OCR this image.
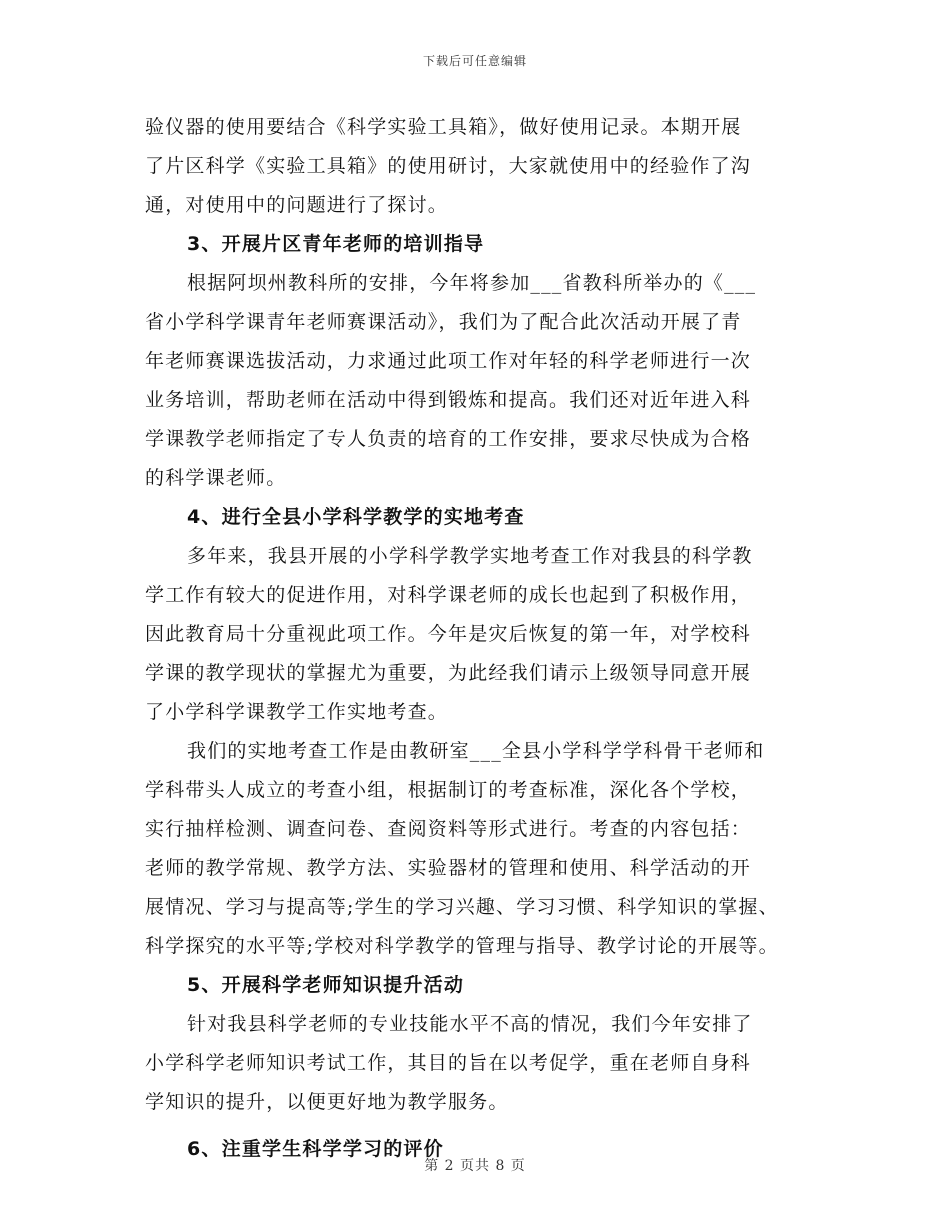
下载后可任意编辑
验仪器的使用要结合《科学实验工具箱》，做好使用记录。本期开展
了片区科学《实验工具箱》的使用研讨，大家就使用中的经验作了沟
通，对使用中的问题进行了探讨。
3、开展片区青年老师的培训指导
根据阿坝州教科所的安排，今年将参加___省教科所举办的《___
省小学科学课青年老师赛课活动》，我们为了配合此次活动开展了青
年老师赛课选拔活动，力求通过此项工作对年轻的科学老师进行一次
业务培训，帮助老师在活动中得到锻炼和提高。我们还对近年进入科
学课教学老师指定了专人负责的培育的工作安排，要求尽快成为合格
的科学课老师。
4、进行全县小学科学教学的实地考查
多年来，我县开展的小学科学教学实地考查工作对我县的科学教
学工作有较大的促进作用，对科学课老师的成长也起到了积极作用，
因此教育局十分重视此项工作。今年是灾后恢复的第一年，对学校科
学课的教学现状的掌握尤为重要，为此经我们请示上级领导同意开展
了小学科学课教学工作实地考查。
我们的实地考查工作是由教研室___全县小学科学学科骨干老师和
学科带头人成立的考查小组，根据制订的考查标准，深化各个学校，
实行抽样检测、调查问卷、查阅资料等形式进行。考查的内容包括：
老师的教学常规、教学方法、实验器材的管理和使用、科学活动的开
展情况、学习与提高等;学生的学习兴趣、学习习惯、科学知识的掌握、
科学探究的水平等;学校对科学教学的管理与指导、教学讨论的开展等。
5、开展科学老师知识提升活动
针对我县科学老师的专业技能水平不高的情况，我们今年安排了
小学科学老师知识考试工作，其目的旨在以考促学，重在老师自身科
学知识的提升，以便更好地为教学服务。
6、注重学生科学学习的评价
第 2 页共 8 页
